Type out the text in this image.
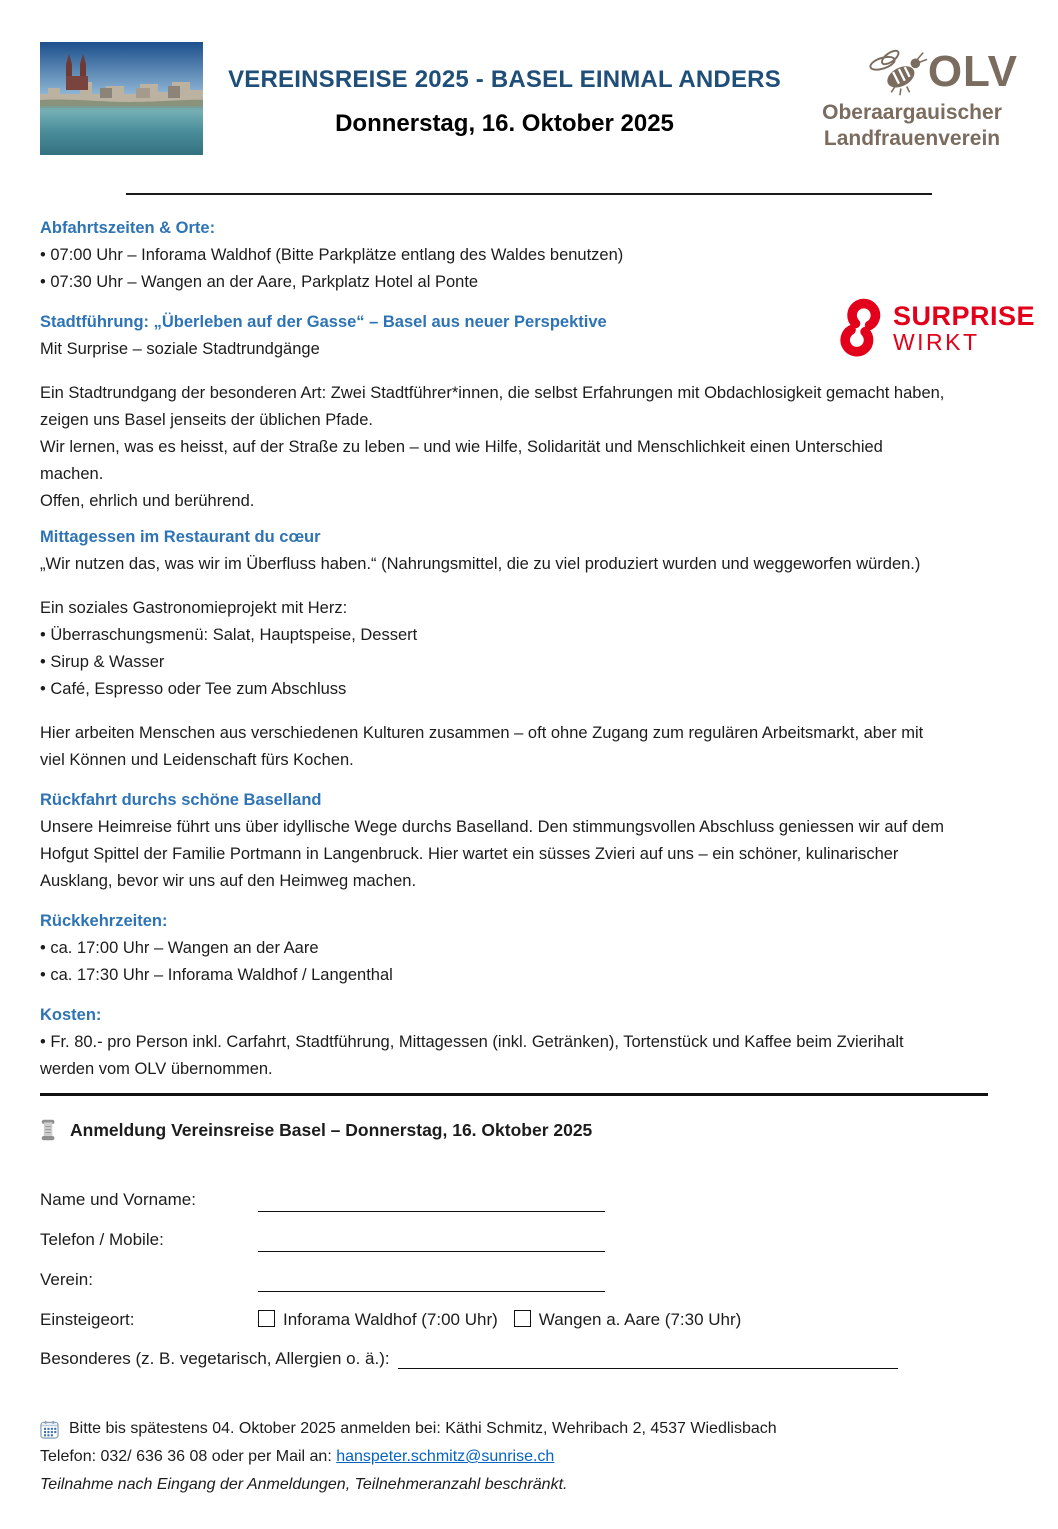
VEREINSREISE 2025 - BASEL EINMAL ANDERS
Donnerstag, 16. Oktober 2025
OLV
Oberaargauischer
Landfrauenverein
Abfahrtszeiten & Orte:
• 07:00 Uhr – Inforama Waldhof (Bitte Parkplätze entlang des Waldes benutzen)
• 07:30 Uhr – Wangen an der Aare, Parkplatz Hotel al Ponte
SURPRISE
WIRKT
Stadtführung: „Überleben auf der Gasse“ – Basel aus neuer Perspektive
Mit Surprise – soziale Stadtrundgänge
Ein Stadtrundgang der besonderen Art: Zwei Stadtführer*innen, die selbst Erfahrungen mit Obdachlosigkeit gemacht haben, zeigen uns Basel jenseits der üblichen Pfade.
Wir lernen, was es heisst, auf der Straße zu leben – und wie Hilfe, Solidarität und Menschlichkeit einen Unterschied machen.
Offen, ehrlich und berührend.
Mittagessen im Restaurant du cœur
„Wir nutzen das, was wir im Überfluss haben.“ (Nahrungsmittel, die zu viel produziert wurden und weggeworfen würden.)
Ein soziales Gastronomieprojekt mit Herz:
• Überraschungsmenü: Salat, Hauptspeise, Dessert
• Sirup & Wasser
• Café, Espresso oder Tee zum Abschluss
Hier arbeiten Menschen aus verschiedenen Kulturen zusammen – oft ohne Zugang zum regulären Arbeitsmarkt, aber mit viel Können und Leidenschaft fürs Kochen.
Rückfahrt durchs schöne Baselland
Unsere Heimreise führt uns über idyllische Wege durchs Baselland. Den stimmungsvollen Abschluss geniessen wir auf dem Hofgut Spittel der Familie Portmann in Langenbruck. Hier wartet ein süsses Zvieri auf uns – ein schöner, kulinarischer Ausklang, bevor wir uns auf den Heimweg machen.
Rückkehrzeiten:
• ca. 17:00 Uhr – Wangen an der Aare
• ca. 17:30 Uhr – Inforama Waldhof / Langenthal
Kosten:
• Fr. 80.- pro Person inkl. Carfahrt, Stadtführung, Mittagessen (inkl. Getränken), Tortenstück und Kaffee beim Zvierihalt werden vom OLV übernommen.
Anmeldung Vereinsreise Basel – Donnerstag, 16. Oktober 2025
Name und Vorname:
Telefon / Mobile:
Verein:
Einsteigeort:	Inforama Waldhof (7:00 Uhr)	Wangen a. Aare (7:30 Uhr)
Besonderes (z. B. vegetarisch, Allergien o. ä.):
Bitte bis spätestens 04. Oktober 2025 anmelden bei: Käthi Schmitz, Wehribach 2, 4537 Wiedlisbach
Telefon: 032/ 636 36 08 oder per Mail an: hanspeter.schmitz@sunrise.ch
Teilnahme nach Eingang der Anmeldungen, Teilnehmeranzahl beschränkt.
